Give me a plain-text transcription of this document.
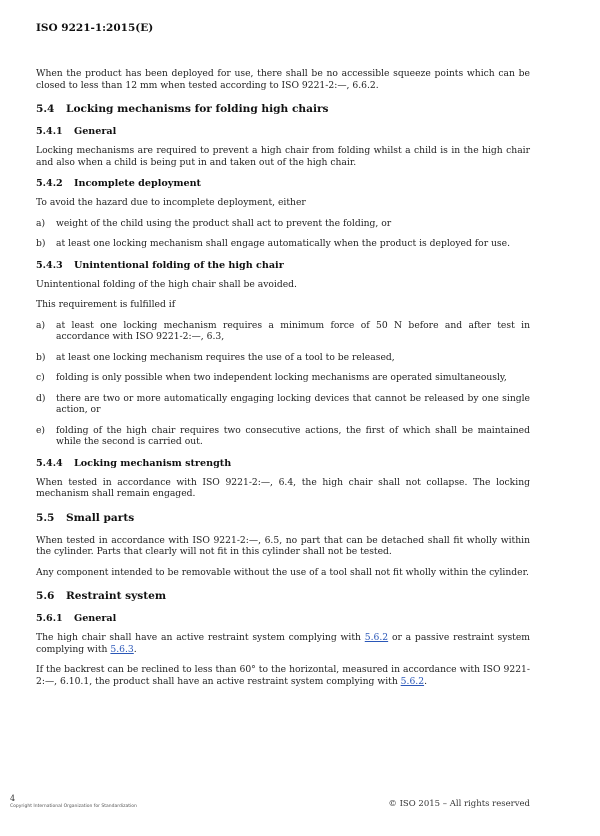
ISO 9221-1:2015(E)

When the product has been deployed for use, there shall be no accessible squeeze points which can be closed to less than 12 mm when tested according to ISO 9221-2:—, 6.6.2.

5.4 Locking mechanisms for folding high chairs
5.4.1 General

Locking mechanisms are required to prevent a high chair from folding whilst a child is in the high chair and also when a child is being put in and taken out of the high chair.

5.4.2 Incomplete deployment

To avoid the hazard due to incomplete deployment, either

a)	weight of the child using the product shall act to prevent the folding, or
b)	at least one locking mechanism shall engage automatically when the product is deployed for use.
5.4.3 Unintentional folding of the high chair

Unintentional folding of the high chair shall be avoided.

This requirement is fulfilled if

a)	at least one locking mechanism requires a minimum force of 50 N before and after test in accordance with ISO 9221-2:—, 6.3,
b)	at least one locking mechanism requires the use of a tool to be released,
c)	folding is only possible when two independent locking mechanisms are operated simultaneously,
d)	there are two or more automatically engaging locking devices that cannot be released by one single action, or
e)	folding of the high chair requires two consecutive actions, the first of which shall be maintained while the second is carried out.
5.4.4 Locking mechanism strength

When tested in accordance with ISO 9221-2:—, 6.4, the high chair shall not collapse. The locking mechanism shall remain engaged.

5.5 Small parts

When tested in accordance with ISO 9221-2:—, 6.5, no part that can be detached shall fit wholly within the cylinder. Parts that clearly will not fit in this cylinder shall not be tested.

Any component intended to be removable without the use of a tool shall not fit wholly within the cylinder.

5.6 Restraint system
5.6.1 General

The high chair shall have an active restraint system complying with 5.6.2 or a passive restraint system complying with 5.6.3.

If the backrest can be reclined to less than 60° to the horizontal, measured in accordance with ISO 9221-2:—, 6.10.1, the product shall have an active restraint system complying with 5.6.2.

4
Copyright International Organization for Standardization	© ISO 2015 – All rights reserved
